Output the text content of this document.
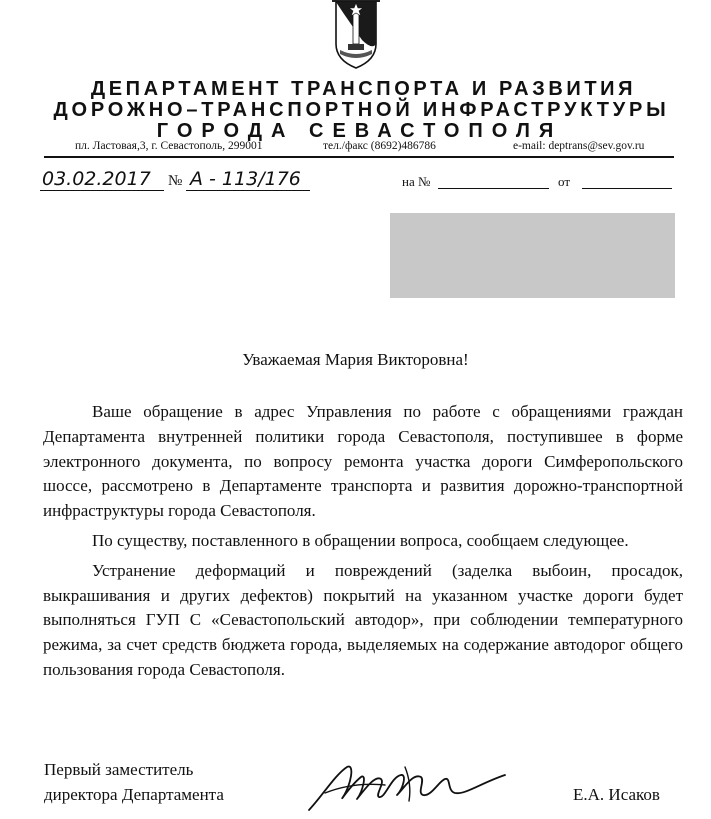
ДЕПАРТАМЕНТ ТРАНСПОРТА И РАЗВИТИЯ
ДОРОЖНО–ТРАНСПОРТНОЙ ИНФРАСТРУКТУРЫ
ГОРОДА СЕВАСТОПОЛЯ
пл. Ластовая,3, г. Севастополь, 299001	тел./факс (8692)486786	e-mail: deptrans@sev.gov.ru
03.02.2017 № А - 113/176	на №	от
Уважаемая Мария Викторовна!

Ваше обращение в адрес Управления по работе с обращениями граждан Департамента внутренней политики города Севастополя, поступившее в форме электронного документа, по вопросу ремонта участка дороги Симферопольского шоссе, рассмотрено в Департаменте транспорта и развития дорожно-транспортной инфраструктуры города Севастополя.

По существу, поставленного в обращении вопроса, сообщаем следующее.

Устранение деформаций и повреждений (заделка выбоин, просадок, выкрашивания и других дефектов) покрытий на указанном участке дороги будет выполняться ГУП С «Севастопольский автодор», при соблюдении температурного режима, за счет средств бюджета города, выделяемых на содержание автодорог общего пользования города Севастополя.

Первый заместитель
директора Департамента	Е.А. Исаков
